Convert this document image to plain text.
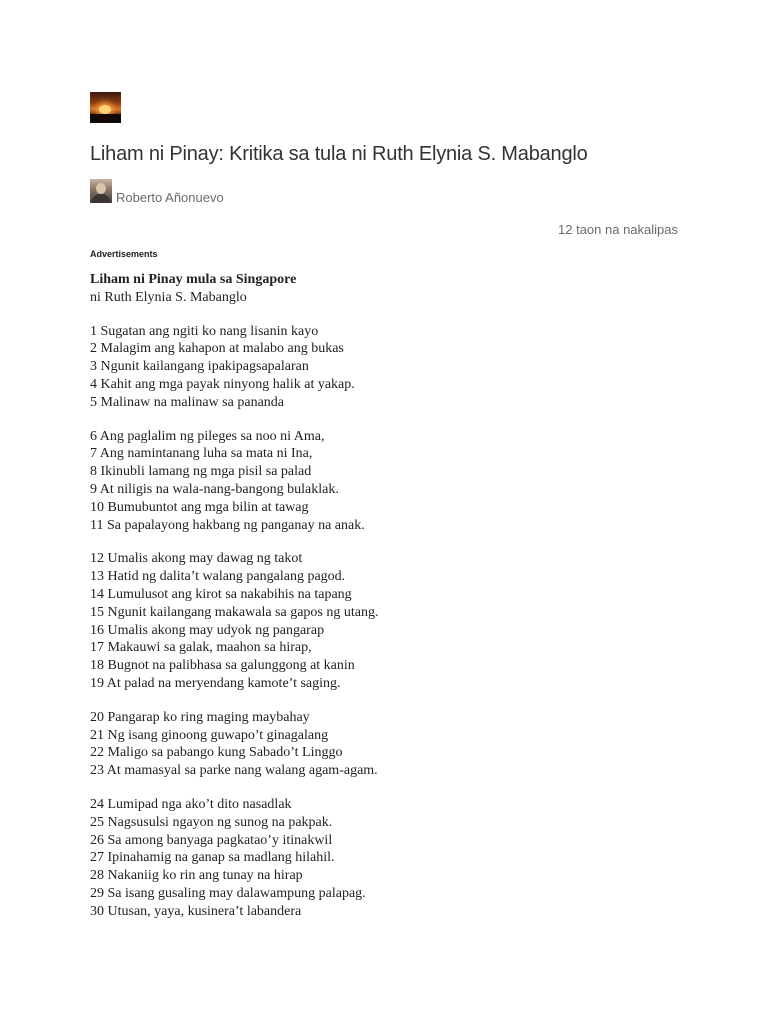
Liham ni Pinay: Kritika sa tula ni Ruth Elynia S. Mabanglo
Roberto Añonuevo
12 taon na nakalipas
Advertisements
Liham ni Pinay mula sa Singapore
ni Ruth Elynia S. Mabanglo
1 Sugatan ang ngiti ko nang lisanin kayo
2 Malagim ang kahapon at malabo ang bukas
3 Ngunit kailangang ipakipagsapalaran
4 Kahit ang mga payak ninyong halik at yakap.
5 Malinaw na malinaw sa pananda
6 Ang paglalim ng pileges sa noo ni Ama,
7 Ang namintanang luha sa mata ni Ina,
8 Ikinubli lamang ng mga pisil sa palad
9 At niligis na wala-nang-bangong bulaklak.
10 Bumubuntot ang mga bilin at tawag
11 Sa papalayong hakbang ng panganay na anak.
12 Umalis akong may dawag ng takot
13 Hatid ng dalita’t walang pangalang pagod.
14 Lumulusot ang kirot sa nakabihis na tapang
15 Ngunit kailangang makawala sa gapos ng utang.
16 Umalis akong may udyok ng pangarap
17 Makauwi sa galak, maahon sa hirap,
18 Bugnot na palibhasa sa galunggong at kanin
19 At palad na meryendang kamote’t saging.
20 Pangarap ko ring maging maybahay
21 Ng isang ginoong guwapo’t ginagalang
22 Maligo sa pabango kung Sabado’t Linggo
23 At mamasyal sa parke nang walang agam-agam.
24 Lumipad nga ako’t dito nasadlak
25 Nagsusulsi ngayon ng sunog na pakpak.
26 Sa among banyaga pagkatao’y itinakwil
27 Ipinahamig na ganap sa madlang hilahil.
28 Nakaniig ko rin ang tunay na hirap
29 Sa isang gusaling may dalawampung palapag.
30 Utusan, yaya, kusinera’t labandera
